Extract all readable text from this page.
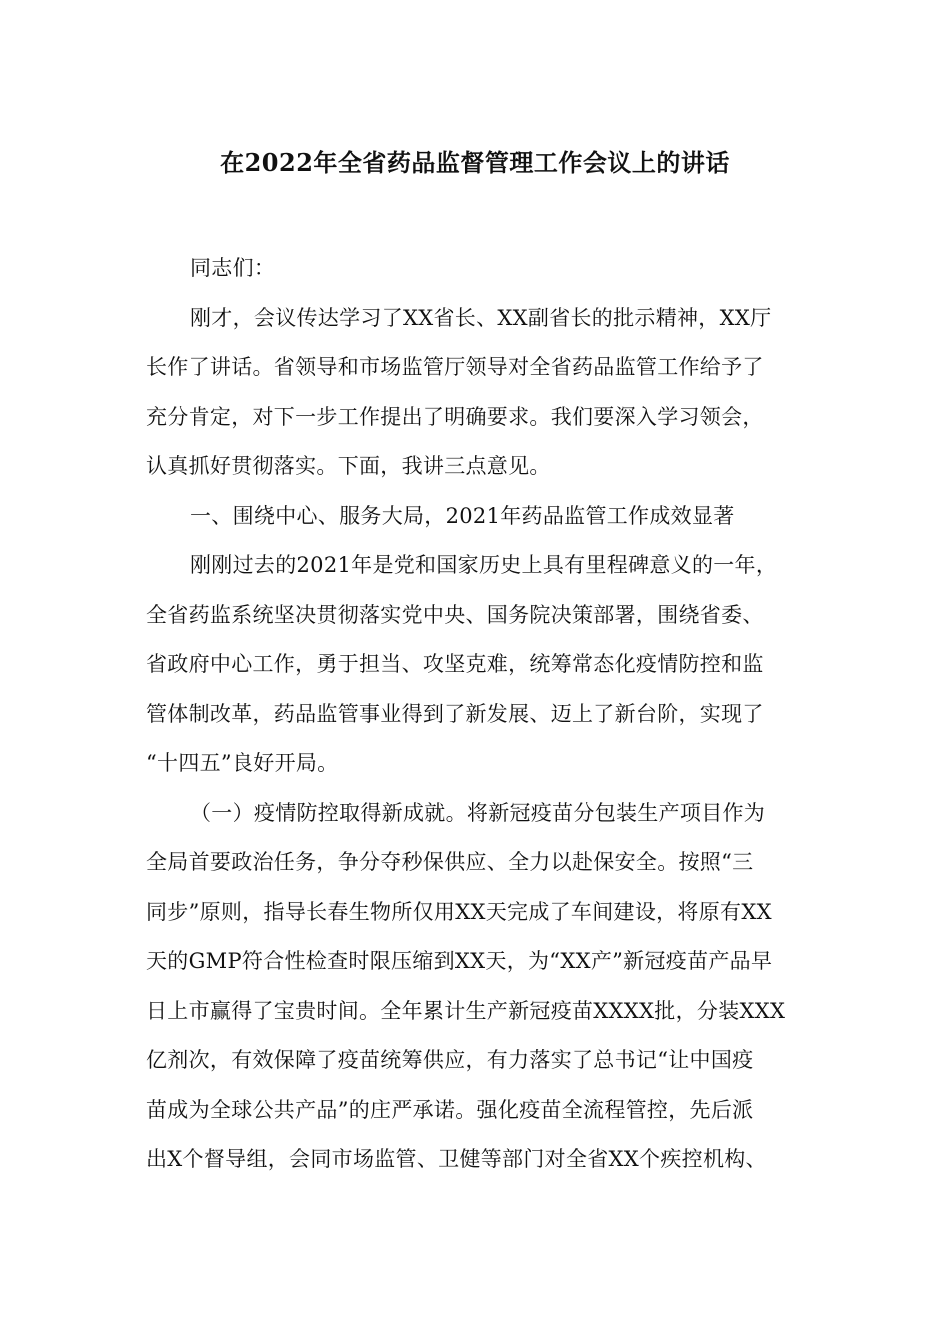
在2022年全省药品监督管理工作会议上的讲话
同志们：
刚才，会议传达学习了XX省长、XX副省长的批示精神，XX厅
长作了讲话。省领导和市场监管厅领导对全省药品监管工作给予了
充分肯定，对下一步工作提出了明确要求。我们要深入学习领会，
认真抓好贯彻落实。下面，我讲三点意见。
一、围绕中心、服务大局，2021年药品监管工作成效显著
刚刚过去的2021年是党和国家历史上具有里程碑意义的一年，
全省药监系统坚决贯彻落实党中央、国务院决策部署，围绕省委、
省政府中心工作，勇于担当、攻坚克难，统筹常态化疫情防控和监
管体制改革，药品监管事业得到了新发展、迈上了新台阶，实现了
“十四五”良好开局。
（一）疫情防控取得新成就。将新冠疫苗分包装生产项目作为
全局首要政治任务，争分夺秒保供应、全力以赴保安全。按照“三
同步”原则，指导长春生物所仅用XX天完成了车间建设，将原有XX
天的GMP符合性检查时限压缩到XX天，为“XX产”新冠疫苗产品早
日上市赢得了宝贵时间。全年累计生产新冠疫苗XXXX批，分装XXX
亿剂次，有效保障了疫苗统筹供应，有力落实了总书记“让中国疫
苗成为全球公共产品”的庄严承诺。强化疫苗全流程管控，先后派
出X个督导组，会同市场监管、卫健等部门对全省XX个疾控机构、
